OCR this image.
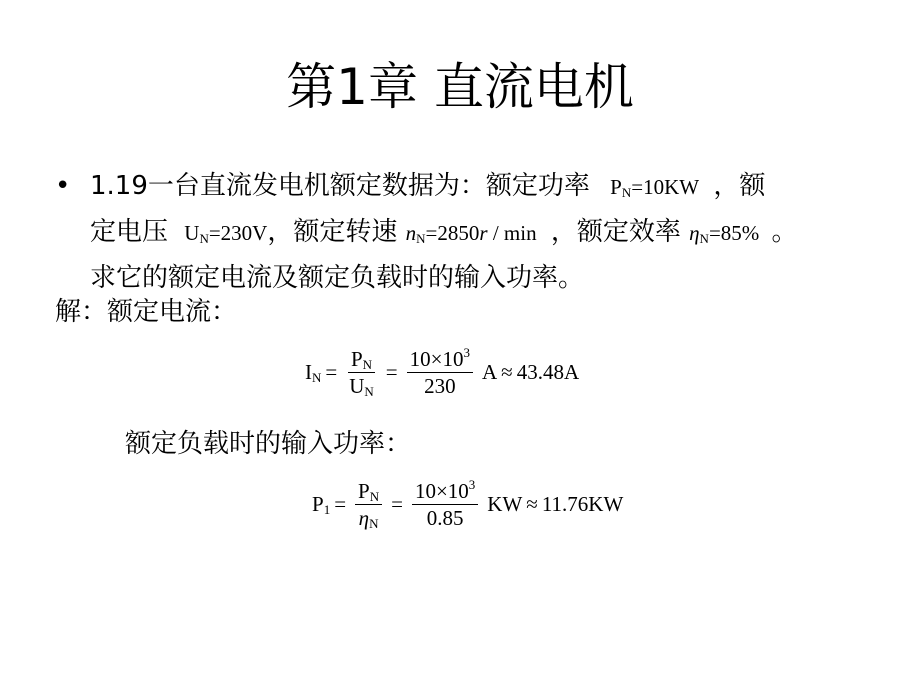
第1章 直流电机
• 1.19一台直流发电机额定数据为：额定功率 $P_N=10KW$ ，额
定电压 $U_N=230V$，额定转速 $n_N=2850r / \min$ ，额定效率 $\eta_N=85\%$ 。
求它的额定电流及额定负载时的输入功率。
解：额定电流：
$I_N = \frac{P_N}{U_N} = \frac{10\times 10^3}{230}$ A ≈ 43.48A
额定负载时的输入功率：
$P_1 = \frac{P_N}{\eta_N} = \frac{10\times 10^3}{0.85}$ KW ≈ 11.76KW
